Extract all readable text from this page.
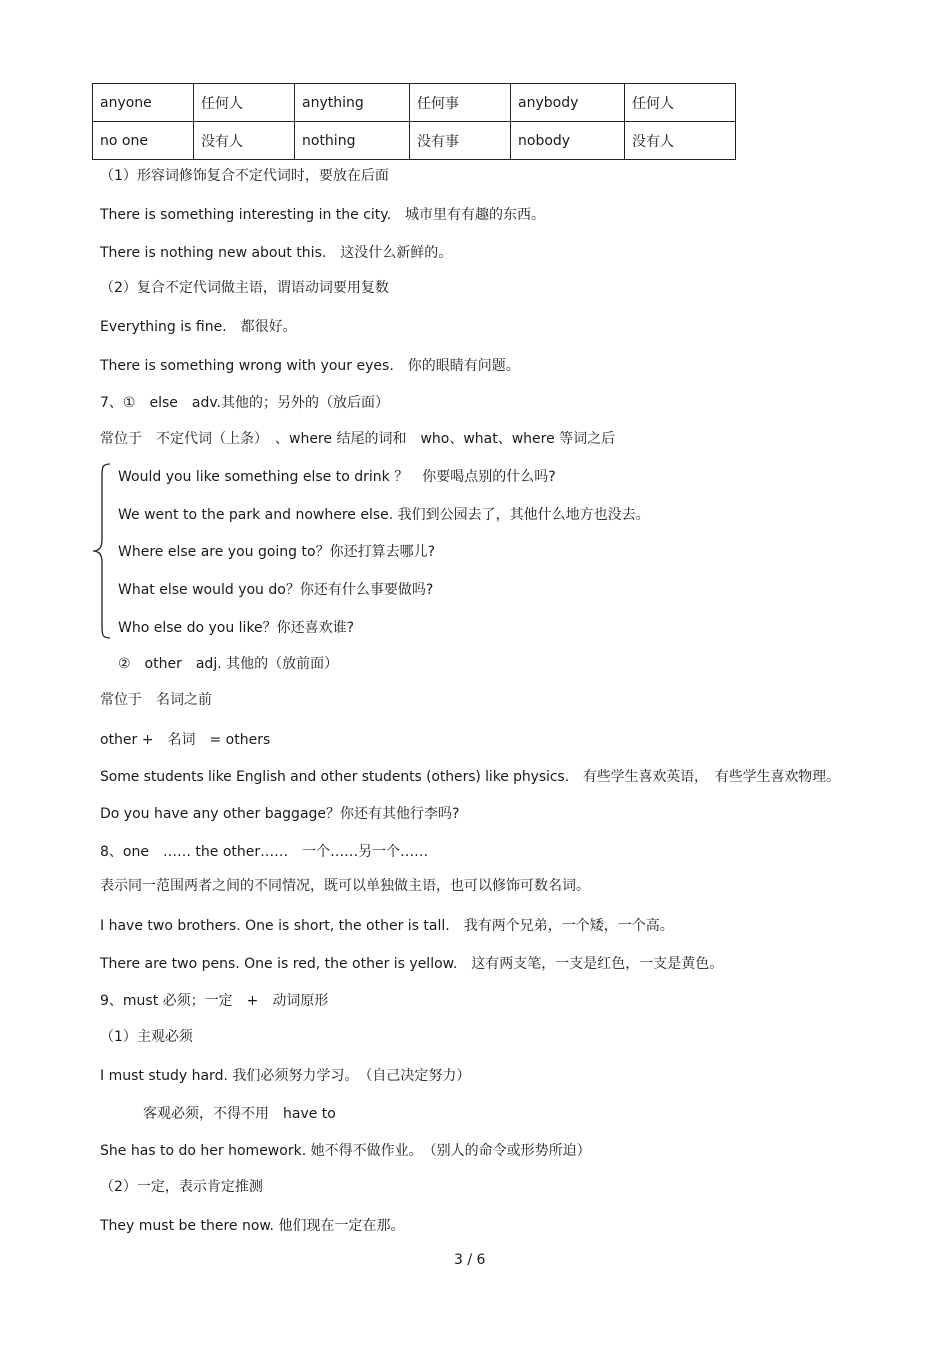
anyone	任何人	anything	任何事	anybody	任何人
no one	没有人	nothing	没有事	nobody	没有人
（1）形容词修饰复合不定代词时，要放在后面
There is something interesting in the city.　城市里有有趣的东西。
There is nothing new about this.　这没什么新鲜的。
（2）复合不定代词做主语，谓语动词要用复数
Everything is fine.　都很好。
There is something wrong with your eyes.　你的眼睛有问题。
7、①　else　adv.其他的；另外的（放后面）
常位于　不定代词（上条）　、where 结尾的词和　who、what、where 等词之后
Would you like something else to drink ？　你要喝点别的什么吗?
We went to the park and nowhere else. 我们到公园去了，其他什么地方也没去。
Where else are you going to？你还打算去哪儿?
What else would you do？你还有什么事要做吗?
Who else do you like？你还喜欢谁?
②　other　adj. 其他的（放前面）
常位于　名词之前
other +　名词　= others
Some students like English and other students (others) like physics.　有些学生喜欢英语，　有些学生喜欢物理。
Do you have any other baggage？你还有其他行李吗?
8、one　…… the other……　一个……另一个……
表示同一范围两者之间的不同情况，既可以单独做主语，也可以修饰可数名词。
I have two brothers. One is short, the other is tall.　我有两个兄弟，一个矮，一个高。
There are two pens. One is red, the other is yellow.　这有两支笔，一支是红色，一支是黄色。
9、must 必须；一定　+　动词原形
（1）主观必须
I must study hard. 我们必须努力学习。　（自己决定努力）
客观必须，不得不用　have to
She has to do her homework. 她不得不做作业。　（别人的命令或形势所迫）
（2）一定，表示肯定推测
They must be there now. 他们现在一定在那。
3 / 6
